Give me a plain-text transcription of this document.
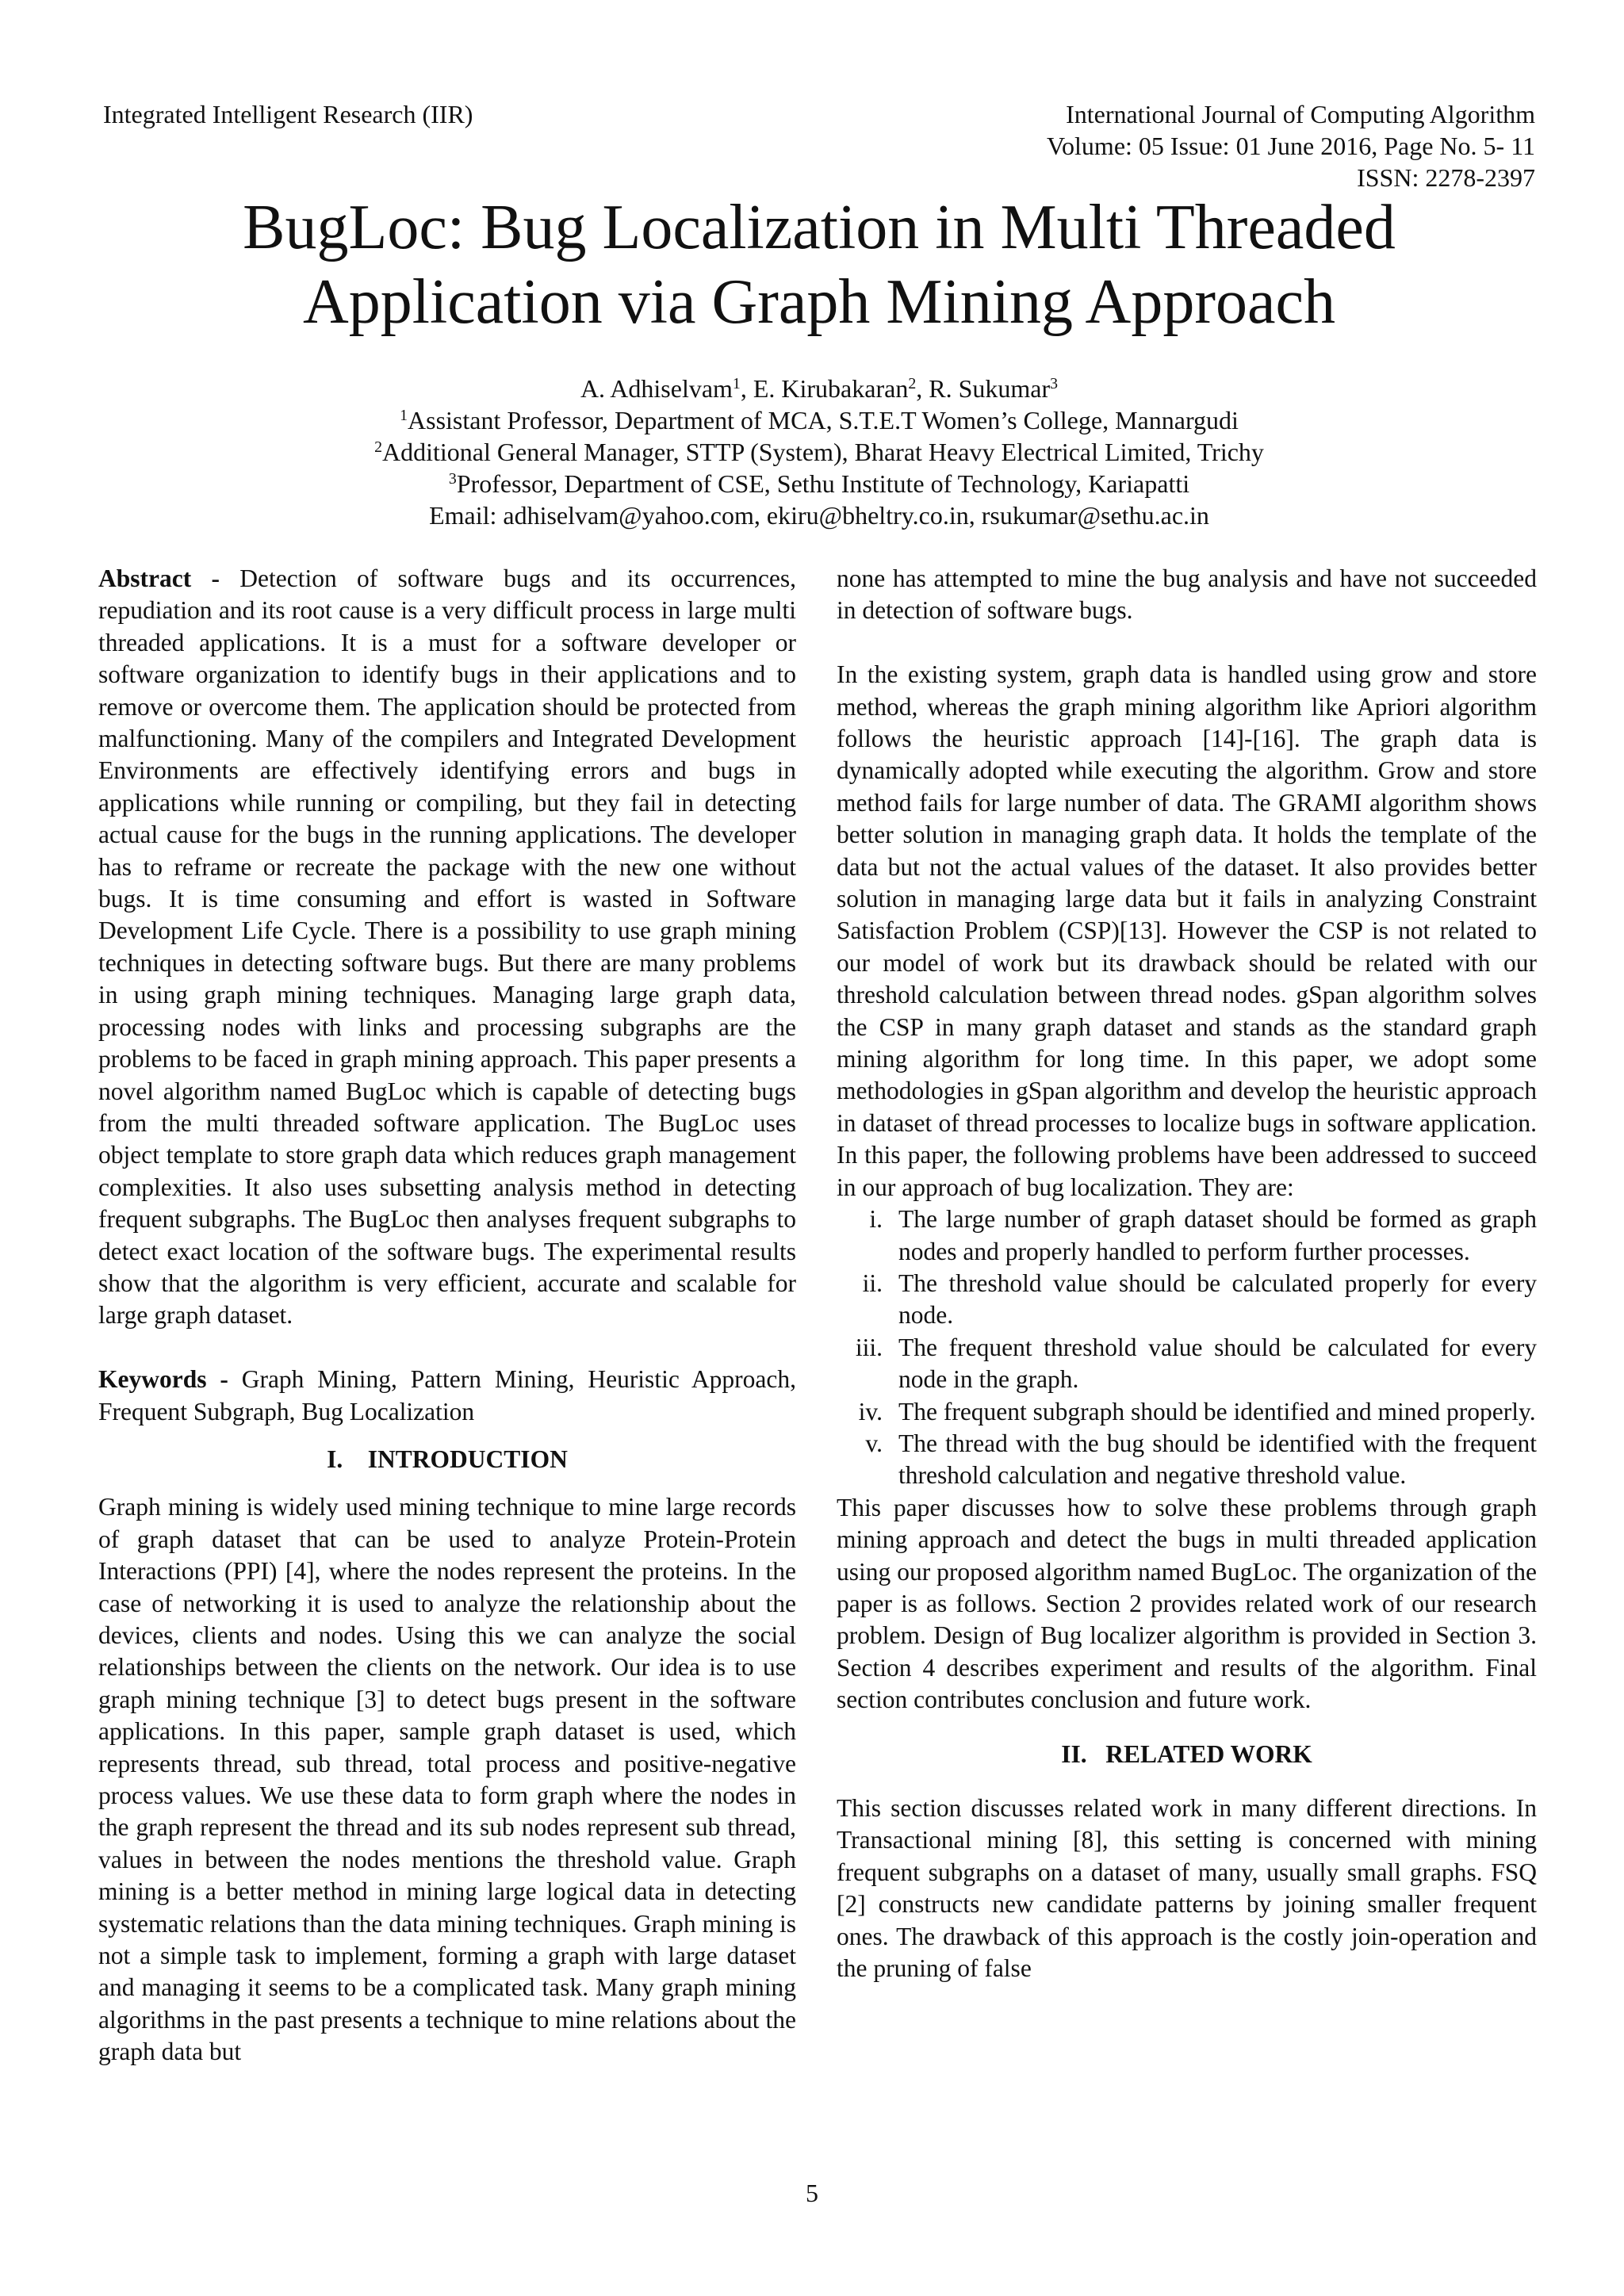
Integrated Intelligent Research (IIR)	International Journal of Computing Algorithm
Volume: 05 Issue: 01 June 2016, Page No. 5- 11
ISSN: 2278-2397
BugLoc: Bug Localization in Multi Threaded
Application via Graph Mining Approach
A. Adhiselvam$^1$, E. Kirubakaran$^2$, R. Sukumar$^3$
$^1$Assistant Professor, Department of MCA, S.T.E.T Women’s College, Mannargudi
$^2$Additional General Manager, STTP (System), Bharat Heavy Electrical Limited, Trichy
$^3$Professor, Department of CSE, Sethu Institute of Technology, Kariapatti
Email: adhiselvam@yahoo.com, ekiru@bheltry.co.in, rsukumar@sethu.ac.in

Abstract - Detection of software bugs and its occurrences, repudiation and its root cause is a very difficult process in large multi threaded applications. It is a must for a software developer or software organization to identify bugs in their applications and to remove or overcome them. The application should be protected from malfunctioning. Many of the compilers and Integrated Development Environments are effectively identifying errors and bugs in applications while running or compiling, but they fail in detecting actual cause for the bugs in the running applications. The developer has to reframe or recreate the package with the new one without bugs. It is time consuming and effort is wasted in Software Development Life Cycle. There is a possibility to use graph mining techniques in detecting software bugs. But there are many problems in using graph mining techniques. Managing large graph data, processing nodes with links and processing subgraphs are the problems to be faced in graph mining approach. This paper presents a novel algorithm named BugLoc which is capable of detecting bugs from the multi threaded software application. The BugLoc uses object template to store graph data which reduces graph management complexities. It also uses subsetting analysis method in detecting frequent subgraphs. The BugLoc then analyses frequent subgraphs to detect exact location of the software bugs. The experimental results show that the algorithm is very efficient, accurate and scalable for large graph dataset.

Keywords - Graph Mining, Pattern Mining, Heuristic Approach, Frequent Subgraph, Bug Localization

I.    INTRODUCTION

Graph mining is widely used mining technique to mine large records of graph dataset that can be used to analyze Protein-Protein Interactions (PPI) [4], where the nodes represent the proteins. In the case of networking it is used to analyze the relationship about the devices, clients and nodes. Using this we can analyze the social relationships between the clients on the network. Our idea is to use graph mining technique [3] to detect bugs present in the software applications. In this paper, sample graph dataset is used, which represents thread, sub thread, total process and positive-negative process values. We use these data to form graph where the nodes in the graph represent the thread and its sub nodes represent sub thread, values in between the nodes mentions the threshold value. Graph mining is a better method in mining large logical data in detecting systematic relations than the data mining techniques. Graph mining is not a simple task to implement, forming a graph with large dataset and managing it seems to be a complicated task. Many graph mining algorithms in the past presents a technique to mine relations about the graph data but

none has attempted to mine the bug analysis and have not succeeded in detection of software bugs.

In the existing system, graph data is handled using grow and store method, whereas the graph mining algorithm like Apriori algorithm follows the heuristic approach [14]-[16]. The graph data is dynamically adopted while executing the algorithm. Grow and store method fails for large number of data. The GRAMI algorithm shows better solution in managing graph data. It holds the template of the data but not the actual values of the dataset. It also provides better solution in managing large data but it fails in analyzing Constraint Satisfaction Problem (CSP)[13]. However the CSP is not related to our model of work but its drawback should be related with our threshold calculation between thread nodes. gSpan algorithm solves the CSP in many graph dataset and stands as the standard graph mining algorithm for long time. In this paper, we adopt some methodologies in gSpan algorithm and develop the heuristic approach in dataset of thread processes to localize bugs in software application. In this paper, the following problems have been addressed to succeed in our approach of bug localization. They are:

i. The large number of graph dataset should be formed as graph nodes and properly handled to perform further processes.
ii. The threshold value should be calculated properly for every node.
iii. The frequent threshold value should be calculated for every node in the graph.
iv. The frequent subgraph should be identified and mined properly.
v. The thread with the bug should be identified with the frequent threshold calculation and negative threshold value.

This paper discusses how to solve these problems through graph mining approach and detect the bugs in multi threaded application using our proposed algorithm named BugLoc. The organization of the paper is as follows. Section 2 provides related work of our research problem. Design of Bug localizer algorithm is provided in Section 3. Section 4 describes experiment and results of the algorithm. Final section contributes conclusion and future work.

II.   RELATED WORK

This section discusses related work in many different directions. In Transactional mining [8], this setting is concerned with mining frequent subgraphs on a dataset of many, usually small graphs. FSQ [2] constructs new candidate patterns by joining smaller frequent ones. The drawback of this approach is the costly join-operation and the pruning of false

5
